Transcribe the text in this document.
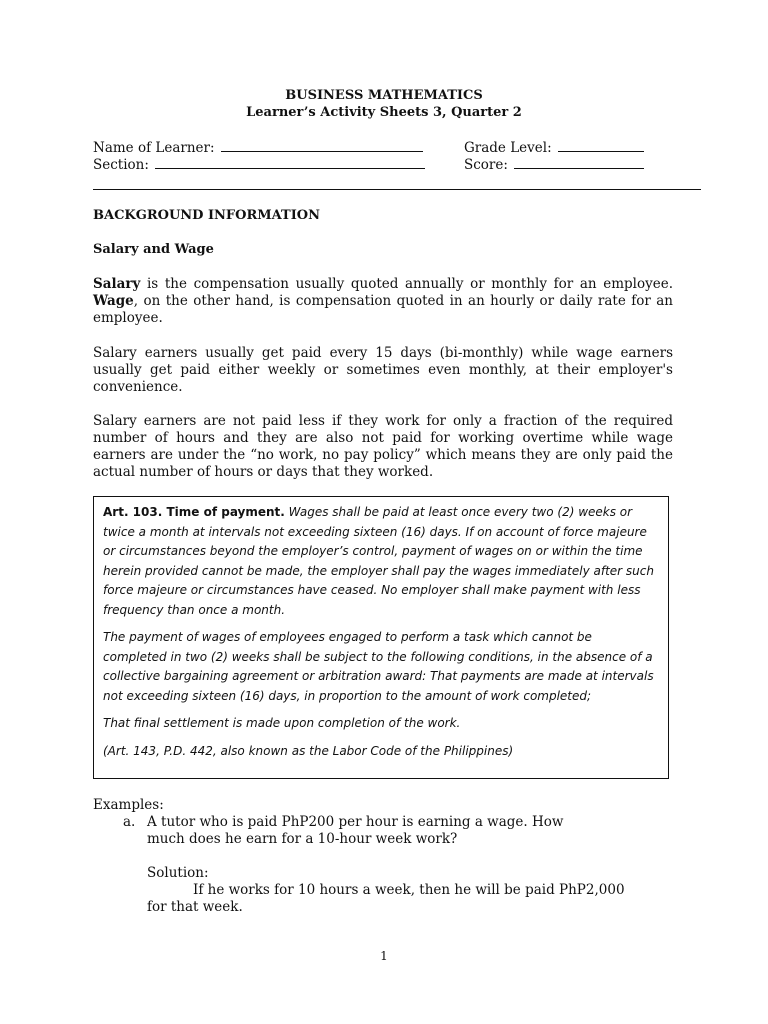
BUSINESS MATHEMATICS
Learner’s Activity Sheets 3, Quarter 2
Name of Learner:	Grade Level:
Section:	Score:
BACKGROUND INFORMATION
Salary and Wage
Salary is the compensation usually quoted annually or monthly for an employee. Wage, on the other hand, is compensation quoted in an hourly or daily rate for an employee.
Salary earners usually get paid every 15 days (bi-monthly) while wage earners usually get paid either weekly or sometimes even monthly, at their employer's convenience.
Salary earners are not paid less if they work for only a fraction of the required number of hours and they are also not paid for working overtime while wage earners are under the “no work, no pay policy” which means they are only paid the actual number of hours or days that they worked.

Art. 103. Time of payment. Wages shall be paid at least once every two (2) weeks or twice a month at intervals not exceeding sixteen (16) days. If on account of force majeure or circumstances beyond the employer’s control, payment of wages on or within the time herein provided cannot be made, the employer shall pay the wages immediately after such force majeure or circumstances have ceased. No employer shall make payment with less frequency than once a month.

The payment of wages of employees engaged to perform a task which cannot be completed in two (2) weeks shall be subject to the following conditions, in the absence of a collective bargaining agreement or arbitration award: That payments are made at intervals not exceeding sixteen (16) days, in proportion to the amount of work completed;

That final settlement is made upon completion of the work.

(Art. 143, P.D. 442, also known as the Labor Code of the Philippines)

Examples:
a. A tutor who is paid PhP200 per hour is earning a wage. How
much does he earn for a 10-hour week work?
Solution:
If he works for 10 hours a week, then he will be paid PhP2,000
for that week.
1
